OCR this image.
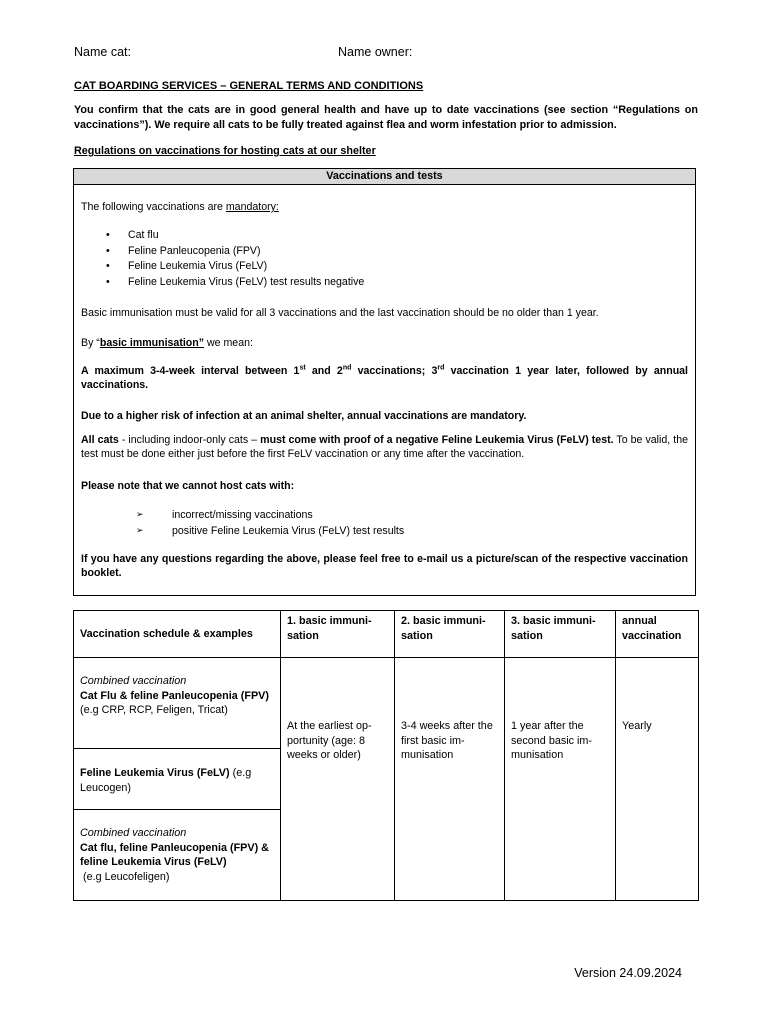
Name cat:	Name owner:
CAT BOARDING SERVICES – GENERAL TERMS AND CONDITIONS
You confirm that the cats are in good general health and have up to date vaccinations (see section “Regulations on vaccinations”). We require all cats to be fully treated against flea and worm infestation prior to admission.
Regulations on vaccinations for hosting cats at our shelter
Vaccinations and tests

The following vaccinations are mandatory:

• Cat flu
• Feline Panleucopenia (FPV)
• Feline Leukemia Virus (FeLV)
• Feline Leukemia Virus (FeLV) test results negative

Basic immunisation must be valid for all 3 vaccinations and the last vaccination should be no older than 1 year.

By “basic immunisation” we mean:

A maximum 3-4-week interval between 1st and 2nd vaccinations; 3rd vaccination 1 year later, followed by annual vaccinations.

Due to a higher risk of infection at an animal shelter, annual vaccinations are mandatory.

All cats - including indoor-only cats – must come with proof of a negative Feline Leukemia Virus (FeLV) test. To be valid, the test must be done either just before the first FeLV vaccination or any time after the vaccination.

Please note that we cannot host cats with:

➢	incorrect/missing vaccinations
➢	positive Feline Leukemia Virus (FeLV) test results

If you have any questions regarding the above, please feel free to e-mail us a picture/scan of the respective vaccination booklet.

Vaccination schedule & examples	1. basic immuni-sation	2. basic immuni-sation	3. basic immuni-sation	annual vaccination

Combined vaccination
Cat Flu & feline Panleucopenia (FPV)
(e.g CRP, RCP, Feligen, Tricat)	At the earliest op-portunity (age: 8 weeks or older)	3-4 weeks after the first basic im-munisation	1 year after the second basic im-munisation	Yearly
Feline Leukemia Virus (FeLV) (e.g Leucogen)				

Combined vaccination
Cat flu, feline Panleucopenia (FPV) & feline Leukemia Virus (FeLV)
(e.g Leucofeligen)				
Version 24.09.2024
